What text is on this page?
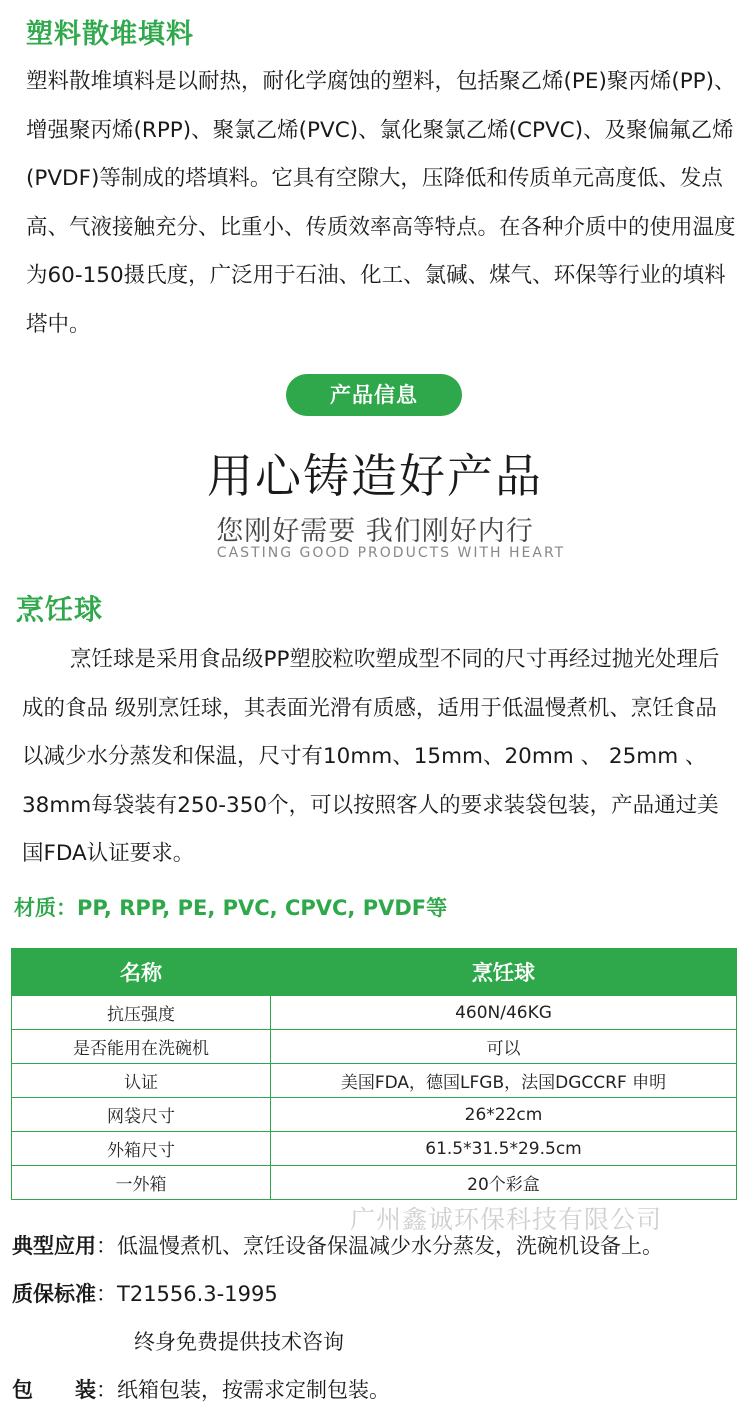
塑料散堆填料
塑料散堆填料是以耐热，耐化学腐蚀的塑料，包括聚乙烯(PE)聚丙烯(PP)、增强聚丙烯(RPP)、聚氯乙烯(PVC)、氯化聚氯乙烯(CPVC)、及聚偏氟乙烯(PVDF)等制成的塔填料。它具有空隙大，压降低和传质单元高度低、发点高、气液接触充分、比重小、传质效率高等特点。在各种介质中的使用温度为60-150摄氏度，广泛用于石油、化工、氯碱、煤气、环保等行业的填料塔中。
产品信息
用心铸造好产品
您刚好需要 我们刚好内行
CASTING GOOD PRODUCTS WITH HEART
烹饪球
烹饪球是采用食品级PP塑胶粒吹塑成型不同的尺寸再经过抛光处理后成的食品 级别烹饪球，其表面光滑有质感，适用于低温慢煮机、烹饪食品以减少水分蒸发和保温，尺寸有10mm、15mm、20mm 、 25mm 、38mm每袋装有250-350个，可以按照客人的要求装袋包装，产品通过美国FDA认证要求。
材质：PP, RPP, PE, PVC, CPVC, PVDF等
名称	烹饪球
抗压强度	460N/46KG
是否能用在洗碗机	可以
认证	美国FDA，德国LFGB，法国DGCCRF 申明
网袋尺寸	26*22cm
外箱尺寸	61.5*31.5*29.5cm
一外箱	20个彩盒
广州鑫诚环保科技有限公司
典型应用：低温慢煮机、烹饪设备保温减少水分蒸发，洗碗机设备上。
质保标准：T21556.3-1995
终身免费提供技术咨询
包　　装：纸箱包装，按需求定制包装。
